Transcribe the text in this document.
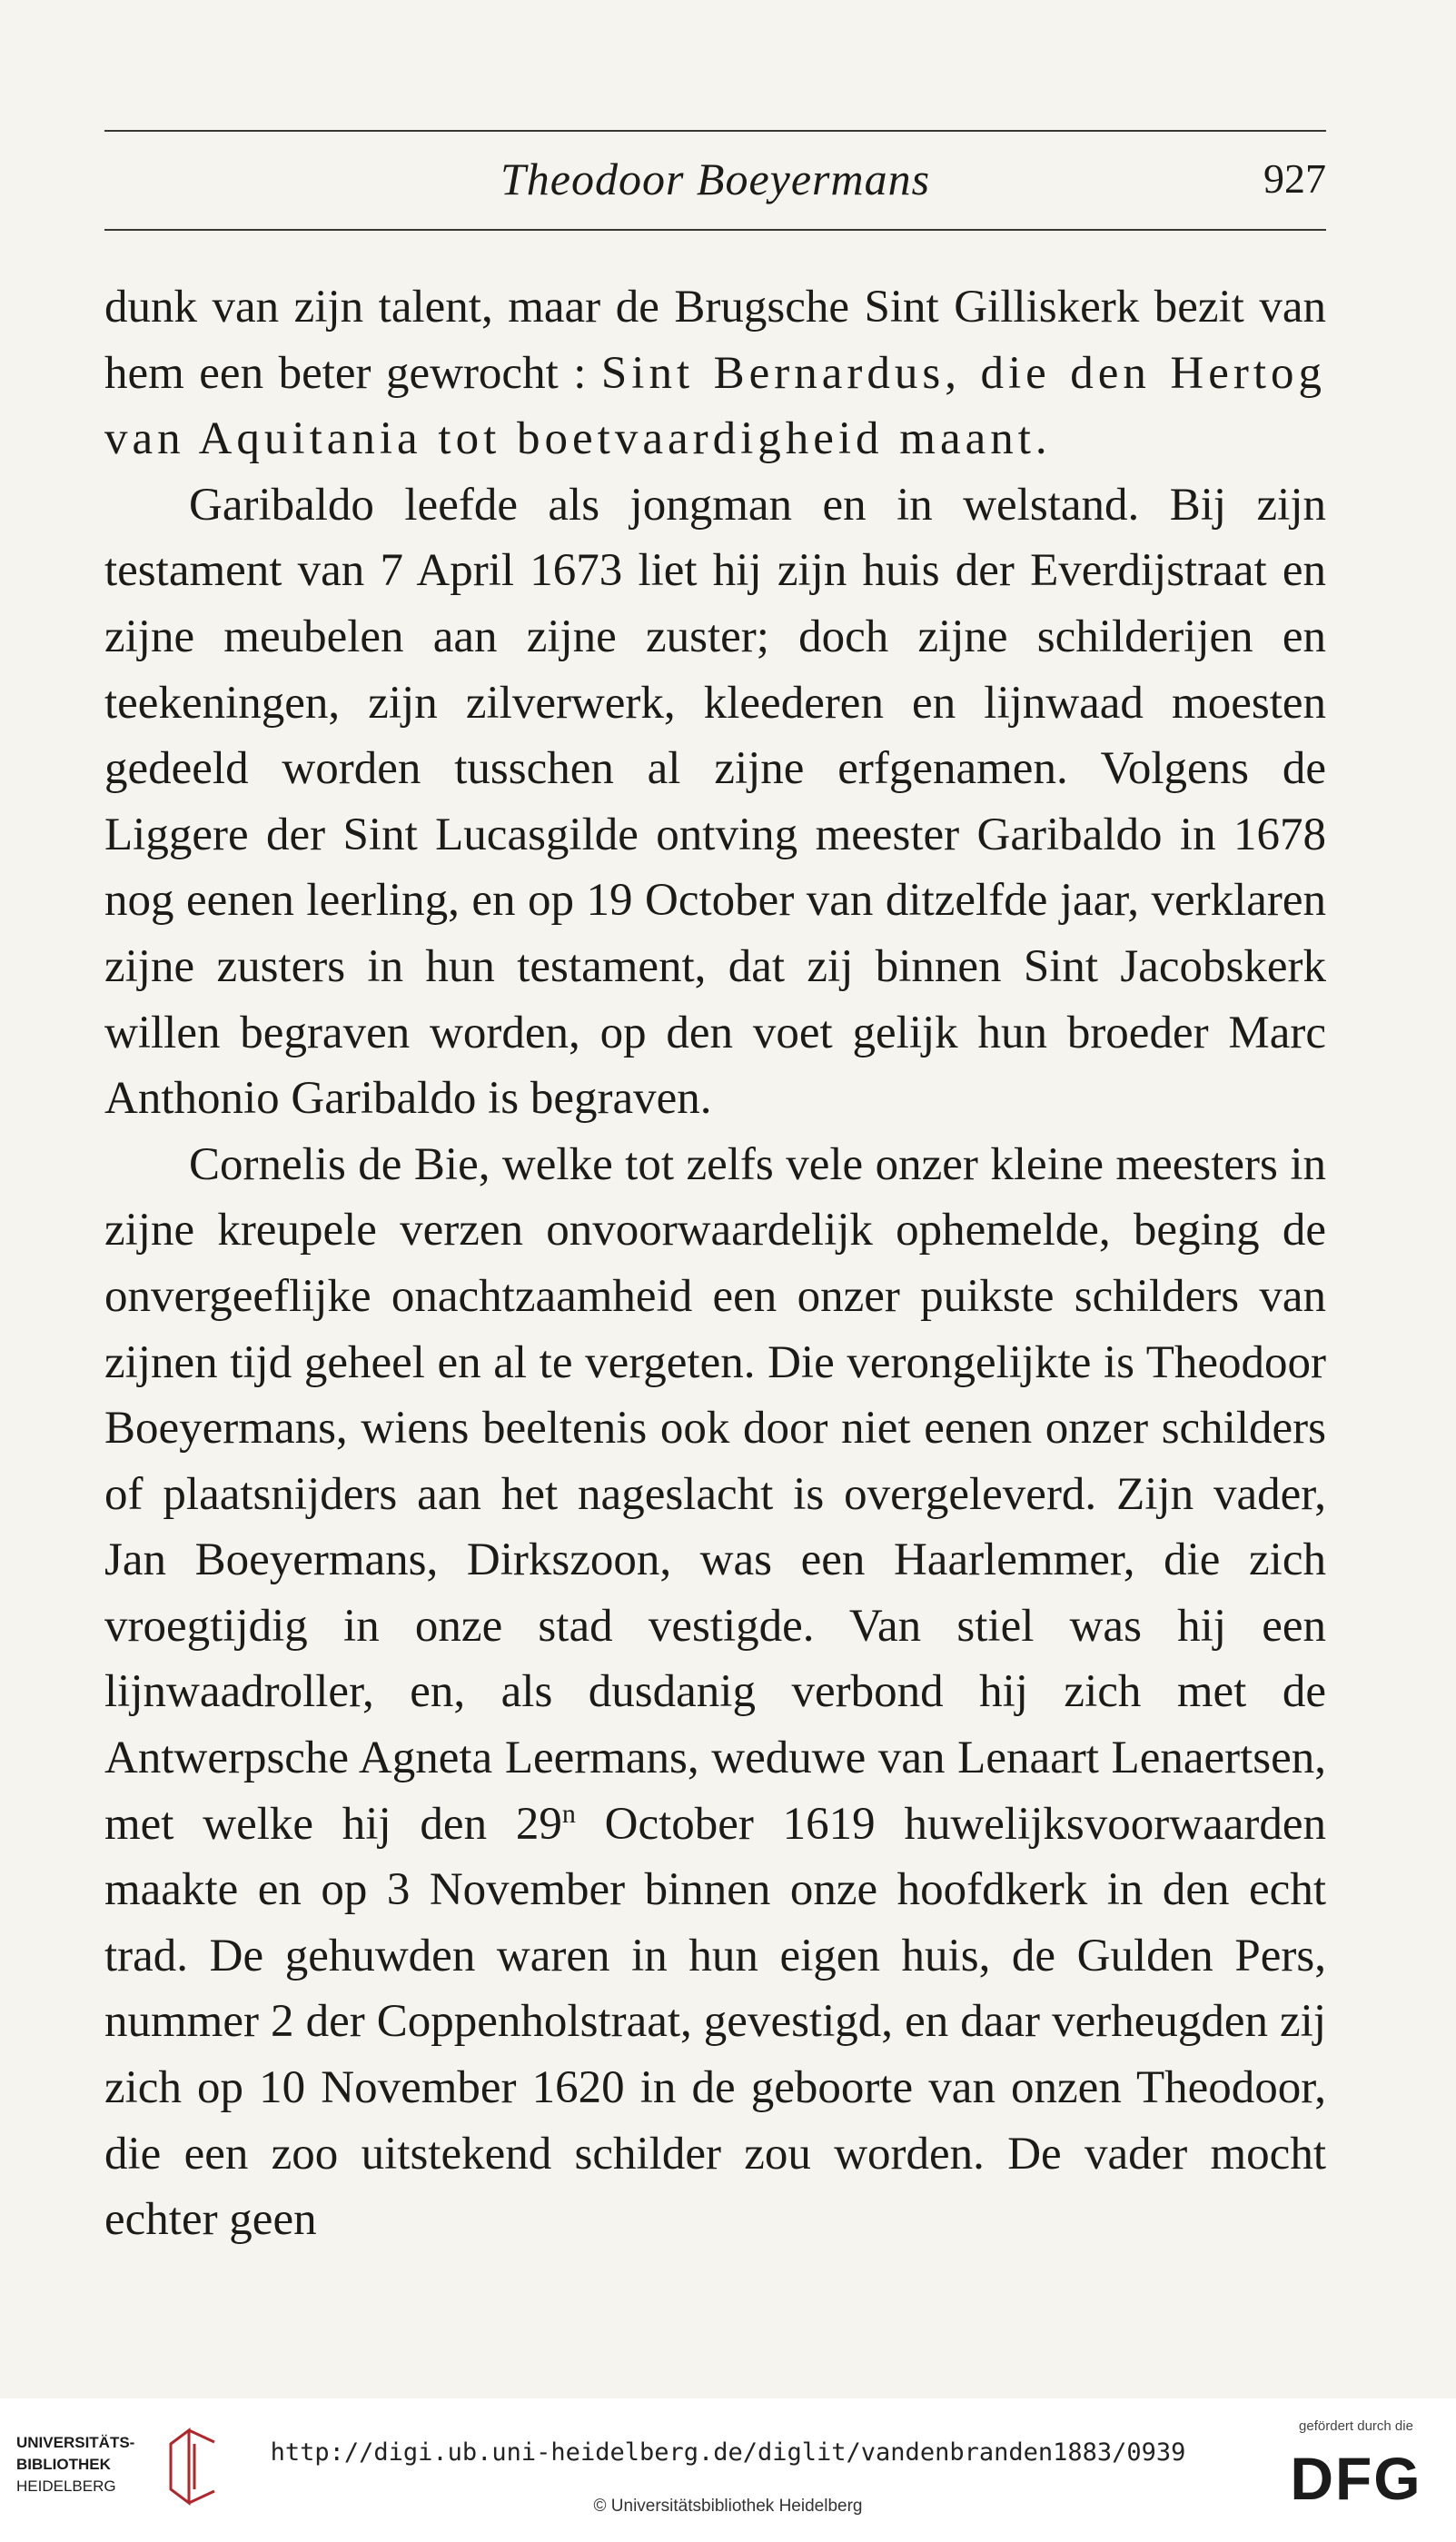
Theodoor Boeyermans	927

dunk van zijn talent, maar de Brugsche Sint Gilliskerk bezit van hem een beter gewrocht : Sint Bernardus, die den Hertog van Aquitania tot boetvaardigheid maant.

Garibaldo leefde als jongman en in welstand. Bij zijn testament van 7 April 1673 liet hij zijn huis der Everdijstraat en zijne meubelen aan zijne zuster; doch zijne schilderijen en teekeningen, zijn zilverwerk, kleederen en lijnwaad moesten gedeeld worden tusschen al zijne erfgenamen. Volgens de Liggere der Sint Lucasgilde ontving meester Garibaldo in 1678 nog eenen leerling, en op 19 October van ditzelfde jaar, verklaren zijne zusters in hun testament, dat zij binnen Sint Jacobskerk willen begraven worden, op den voet gelijk hun broeder Marc Anthonio Garibaldo is begraven.

Cornelis de Bie, welke tot zelfs vele onzer kleine meesters in zijne kreupele verzen onvoorwaardelijk ophemelde, beging de onvergeeflijke onachtzaamheid een onzer puikste schilders van zijnen tijd geheel en al te vergeten. Die verongelijkte is Theodoor Boeyermans, wiens beeltenis ook door niet eenen onzer schilders of plaatsnijders aan het nageslacht is overgeleverd. Zijn vader, Jan Boeyermans, Dirkszoon, was een Haarlemmer, die zich vroegtijdig in onze stad vestigde. Van stiel was hij een lijnwaadroller, en, als dusdanig verbond hij zich met de Antwerpsche Agneta Leermans, weduwe van Lenaart Lenaertsen, met welke hij den 29$^n$ October 1619 huwelijksvoorwaarden maakte en op 3 November binnen onze hoofdkerk in den echt trad. De gehuwden waren in hun eigen huis, de Gulden Pers, nummer 2 der Coppenholstraat, gevestigd, en daar verheugden zij zich op 10 November 1620 in de geboorte van onzen Theodoor, die een zoo uitstekend schilder zou worden. De vader mocht echter geen

UNIVERSITÄTS-
BIBLIOTHEK
HEIDELBERG
http://digi.ub.uni-heidelberg.de/diglit/vandenbranden1883/0939
© Universitätsbibliothek Heidelberg
gefördert durch die
DFG
